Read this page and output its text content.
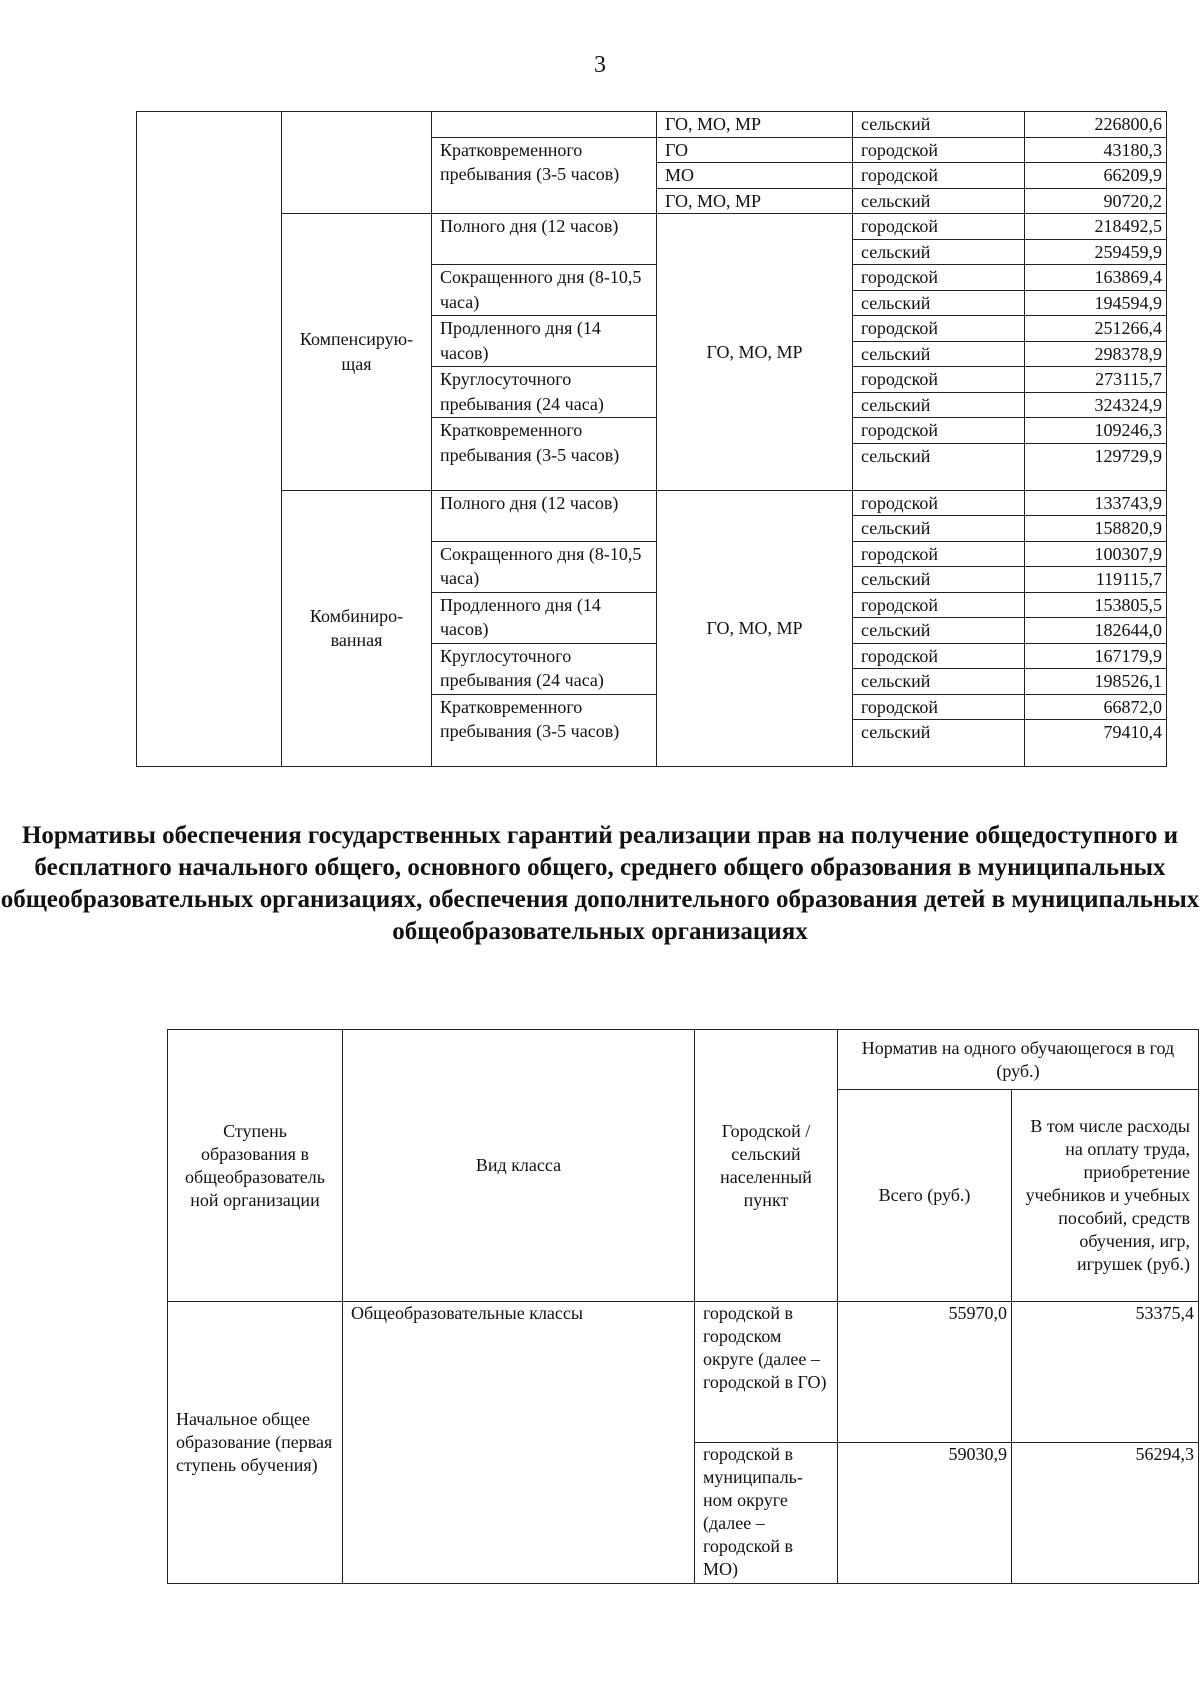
3
			ГО, МО, МР	сельский	226800,6
		Кратковременного пребывания (3-5 часов)	ГО	городской	43180,3
			МО	городской	66209,9
			ГО, МО, МР	сельский	90720,2
	Компенсирую-щая	Полного дня (12 часов)	ГО, МО, МР	городской	218492,5
				сельский	259459,9
		Сокращенного дня (8-10,5 часа)		городской	163869,4
				сельский	194594,9
		Продленного дня (14 часов)		городской	251266,4
				сельский	298378,9
		Круглосуточного пребывания (24 часа)		городской	273115,7
				сельский	324324,9
		Кратковременного пребывания (3-5 часов)		городской	109246,3
				сельский	129729,9
	Комбиниро-ванная	Полного дня (12 часов)	ГО, МО, МР	городской	133743,9
				сельский	158820,9
		Сокращенного дня (8-10,5 часа)		городской	100307,9
				сельский	119115,7
		Продленного дня (14 часов)		городской	153805,5
				сельский	182644,0
		Круглосуточного пребывания (24 часа)		городской	167179,9
				сельский	198526,1
		Кратковременного пребывания (3-5 часов)		городской	66872,0
				сельский	79410,4
Нормативы обеспечения государственных гарантий реализации прав на получение общедоступного и бесплатного начального общего, основного общего, среднего общего образования в муниципальных общеобразовательных организациях, обеспечения дополнительного образования детей в муниципальных общеобразовательных организациях
Ступень образования в общеобразователь ной организации	Вид класса	Городской / сельский населенный пункт	Норматив на одного обучающегося в год (руб.)	
			Всего (руб.)	В том числе расходы на оплату труда, приобретение учебников и учебных пособий, средств обучения, игр, игрушек (руб.)
Начальное общее образование (первая ступень обучения)	Общеобразовательные классы	городской в городском округе (далее – городской в ГО)	55970,0	53375,4
		городской в муниципаль-ном округе (далее – городской в МО)	59030,9	56294,3
